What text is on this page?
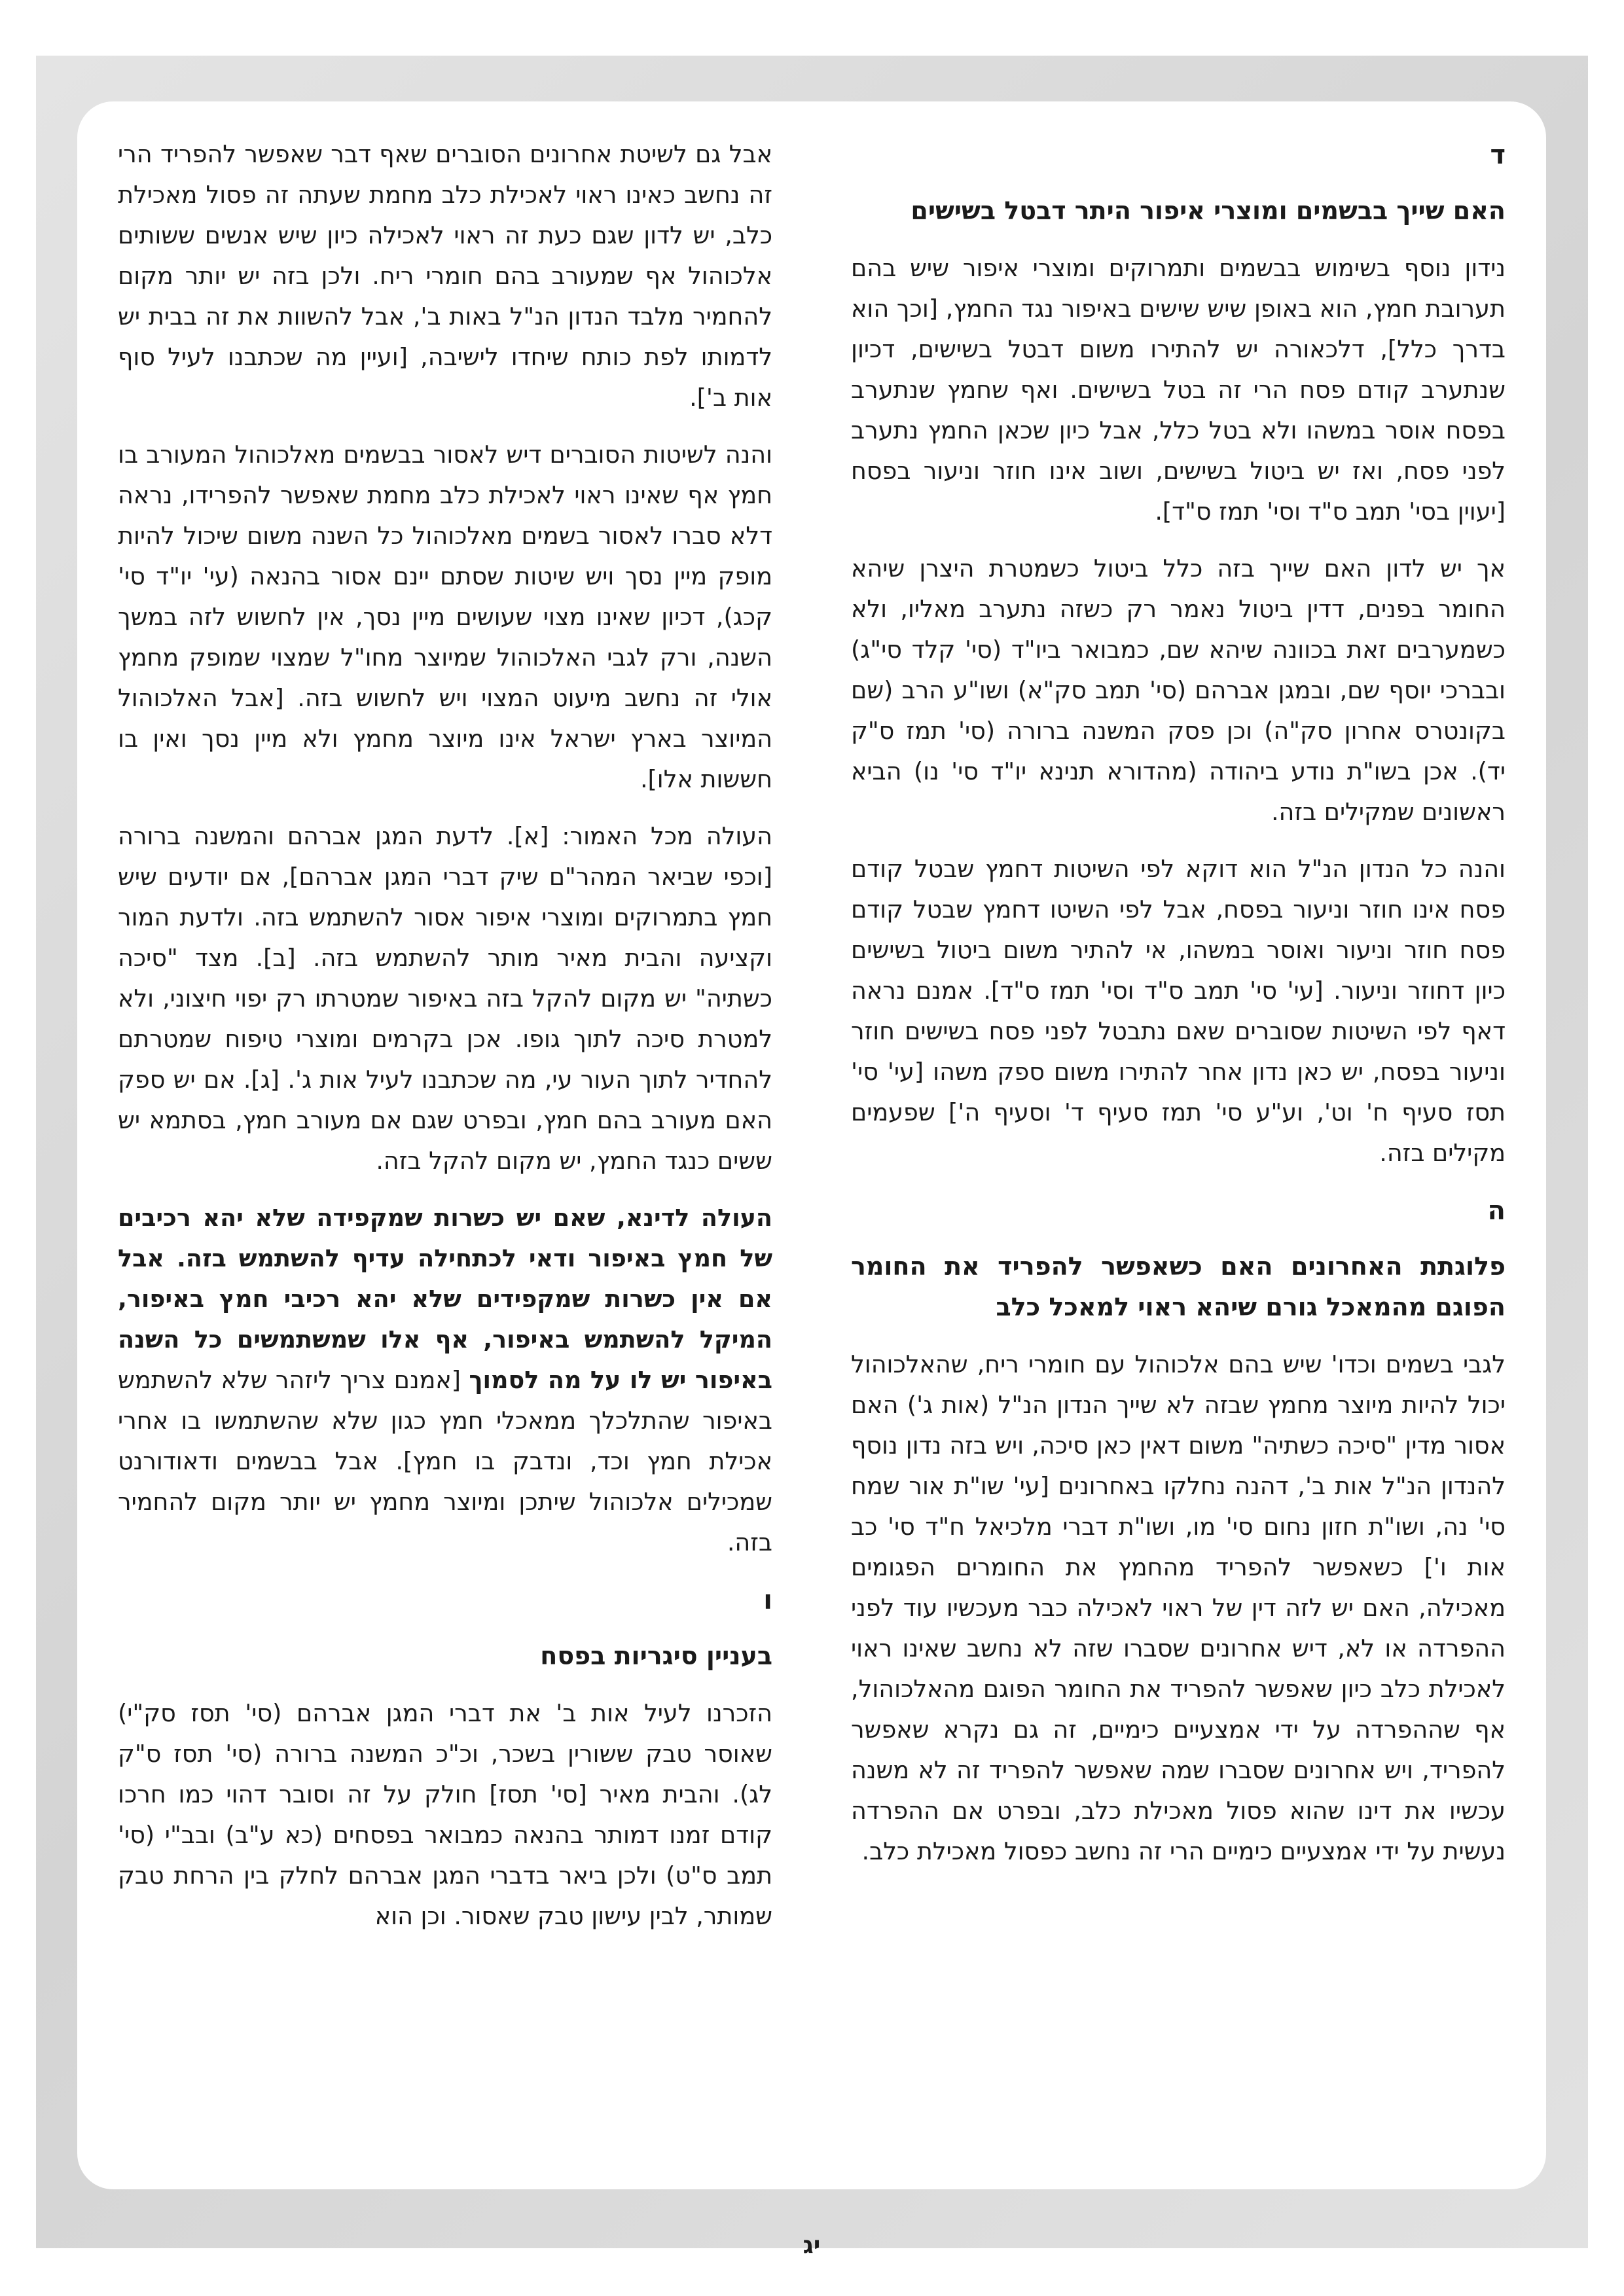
ד
האם שייך בבשמים ומוצרי איפור היתר דבטל בשישים
נידון נוסף בשימוש בבשמים ותמרוקים ומוצרי איפור שיש בהם תערובת חמץ, הוא באופן שיש שישים באיפור נגד החמץ, [וכך הוא בדרך כלל], דלכאורה יש להתירו משום דבטל בשישים, דכיון שנתערב קודם פסח הרי זה בטל בשישים. ואף שחמץ שנתערב בפסח אוסר במשהו ולא בטל כלל, אבל כיון שכאן החמץ נתערב לפני פסח, ואז יש ביטול בשישים, ושוב אינו חוזר וניעור בפסח [יעוין בסי' תמב ס"ד וסי' תמז ס"ד].
אך יש לדון האם שייך בזה כלל ביטול כשמטרת היצרן שיהא החומר בפנים, דדין ביטול נאמר רק כשזה נתערב מאליו, ולא כשמערבים זאת בכוונה שיהא שם, כמבואר ביו"ד (סי' קלד סי"ג) ובברכי יוסף שם, ובמגן אברהם (סי' תמב סק"א) ושו"ע הרב (שם בקונטרס אחרון סק"ה) וכן פסק המשנה ברורה (סי' תמז ס"ק יד). אכן בשו"ת נודע ביהודה (מהדורא תנינא יו"ד סי' נו) הביא ראשונים שמקילים בזה.
והנה כל הנדון הנ"ל הוא דוקא לפי השיטות דחמץ שבטל קודם פסח אינו חוזר וניעור בפסח, אבל לפי השיטו דחמץ שבטל קודם פסח חוזר וניעור ואוסר במשהו, אי להתיר משום ביטול בשישים כיון דחוזר וניעור. [עי' סי' תמב ס"ד וסי' תמז ס"ד]. אמנם נראה דאף לפי השיטות שסוברים שאם נתבטל לפני פסח בשישים חוזר וניעור בפסח, יש כאן נדון אחר להתירו משום ספק משהו [עי' סי' תסז סעיף ח' וט', וע"ע סי' תמז סעיף ד' וסעיף ה'] שפעמים מקילים בזה.
ה
פלוגתת האחרונים האם כשאפשר להפריד את החומר הפוגם מהמאכל גורם שיהא ראוי למאכל כלב
לגבי בשמים וכדו' שיש בהם אלכוהול עם חומרי ריח, שהאלכוהול יכול להיות מיוצר מחמץ שבזה לא שייך הנדון הנ"ל (אות ג') האם אסור מדין "סיכה כשתיה" משום דאין כאן סיכה, ויש בזה נדון נוסף להנדון הנ"ל אות ב', דהנה נחלקו באחרונים [עי' שו"ת אור שמח סי' נה, ושו"ת חזון נחום סי' מו, ושו"ת דברי מלכיאל ח"ד סי' כב אות ו'] כשאפשר להפריד מהחמץ את החומרים הפגומים מאכילה, האם יש לזה דין של ראוי לאכילה כבר מעכשיו עוד לפני ההפרדה או לא, דיש אחרונים שסברו שזה לא נחשב שאינו ראוי לאכילת כלב כיון שאפשר להפריד את החומר הפוגם מהאלכוהול, אף שההפרדה על ידי אמצעיים כימיים, זה גם נקרא שאפשר להפריד, ויש אחרונים שסברו שמה שאפשר להפריד זה לא משנה עכשיו את דינו שהוא פסול מאכילת כלב, ובפרט אם ההפרדה נעשית על ידי אמצעיים כימיים הרי זה נחשב כפסול מאכילת כלב.
אבל גם לשיטת אחרונים הסוברים שאף דבר שאפשר להפריד הרי זה נחשב כאינו ראוי לאכילת כלב מחמת שעתה זה פסול מאכילת כלב, יש לדון שגם כעת זה ראוי לאכילה כיון שיש אנשים ששותים אלכוהול אף שמעורב בהם חומרי ריח. ולכן בזה יש יותר מקום להחמיר מלבד הנדון הנ"ל באות ב', אבל להשוות את זה בבית יש לדמותו לפת כותח שיחדו לישיבה, [ועיין מה שכתבנו לעיל סוף אות ב'].
והנה לשיטות הסוברים דיש לאסור בבשמים מאלכוהול המעורב בו חמץ אף שאינו ראוי לאכילת כלב מחמת שאפשר להפרידו, נראה דלא סברו לאסור בשמים מאלכוהול כל השנה משום שיכול להיות מופק מיין נסך ויש שיטות שסתם יינם אסור בהנאה (עי' יו"ד סי' קכג), דכיון שאינו מצוי שעושים מיין נסך, אין לחשוש לזה במשך השנה, ורק לגבי האלכוהול שמיוצר מחו"ל שמצוי שמופק מחמץ אולי זה נחשב מיעוט המצוי ויש לחשוש בזה. [אבל האלכוהול המיוצר בארץ ישראל אינו מיוצר מחמץ ולא מיין נסך ואין בו חששות אלו].
העולה מכל האמור: [א]. לדעת המגן אברהם והמשנה ברורה [וכפי שביאר המהר"ם שיק דברי המגן אברהם], אם יודעים שיש חמץ בתמרוקים ומוצרי איפור אסור להשתמש בזה. ולדעת המור וקציעה והבית מאיר מותר להשתמש בזה. [ב]. מצד "סיכה כשתיה" יש מקום להקל בזה באיפור שמטרתו רק יפוי חיצוני, ולא למטרת סיכה לתוך גופו. אכן בקרמים ומוצרי טיפוח שמטרתם להחדיר לתוך העור עי, מה שכתבנו לעיל אות ג'. [ג]. אם יש ספק האם מעורב בהם חמץ, ובפרט שגם אם מעורב חמץ, בסתמא יש ששים כנגד החמץ, יש מקום להקל בזה.
העולה לדינא, שאם יש כשרות שמקפידה שלא יהא רכיבים של חמץ באיפור ודאי לכתחילה עדיף להשתמש בזה. אבל אם אין כשרות שמקפידים שלא יהא רכיבי חמץ באיפור, המיקל להשתמש באיפור, אף אלו שמשתמשים כל השנה באיפור יש לו על מה לסמוך [אמנם צריך ליזהר שלא להשתמש באיפור שהתלכלך ממאכלי חמץ כגון שלא שהשתמשו בו אחרי אכילת חמץ וכד, ונדבק בו חמץ]. אבל בבשמים ודאודורנט שמכילים אלכוהול שיתכן ומיוצר מחמץ יש יותר מקום להחמיר בזה.
ו
בעניין סיגריות בפסח
הזכרנו לעיל אות ב' את דברי המגן אברהם (סי' תסז סק"י) שאוסר טבק ששורין בשכר, וכ"כ המשנה ברורה (סי' תסז ס"ק לג). והבית מאיר [סי' תסז] חולק על זה וסובר דהוי כמו חרכו קודם זמנו דמותר בהנאה כמבואר בפסחים (כא ע"ב) ובב"י (סי' תמב ס"ט) ולכן ביאר בדברי המגן אברהם לחלק בין הרחת טבק שמותר, לבין עישון טבק שאסור. וכן הוא
יג
